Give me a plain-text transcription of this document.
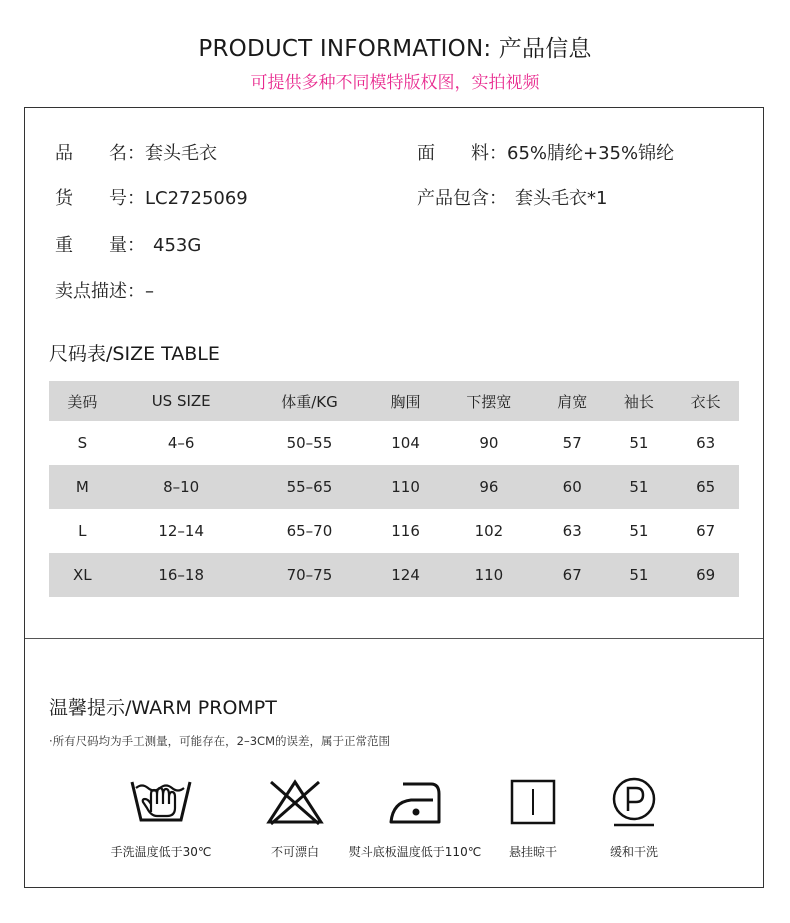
PRODUCT INFORMATION: 产品信息
可提供多种不同模特版权图，实拍视频
品　　名：套头毛衣	面　　料：65%腈纶+35%锦纶
货　　号：LC2725069	产品包含： 套头毛衣*1
重　　量： 453G
卖点描述：–
尺码表/SIZE TABLE
美码	US SIZE	体重/KG	胸围	下摆宽	肩宽	袖长	衣长
S	4–6	50–55	104	90	57	51	63
M	8–10	55–65	110	96	60	51	65
L	12–14	65–70	116	102	63	51	67
XL	16–18	70–75	124	110	67	51	69
温馨提示/WARM PROMPT
·所有尺码均为手工测量，可能存在，2–3CM的误差，属于正常范围
手洗温度低于30℃	不可漂白	熨斗底板温度低于110℃	悬挂晾干	缓和干洗
